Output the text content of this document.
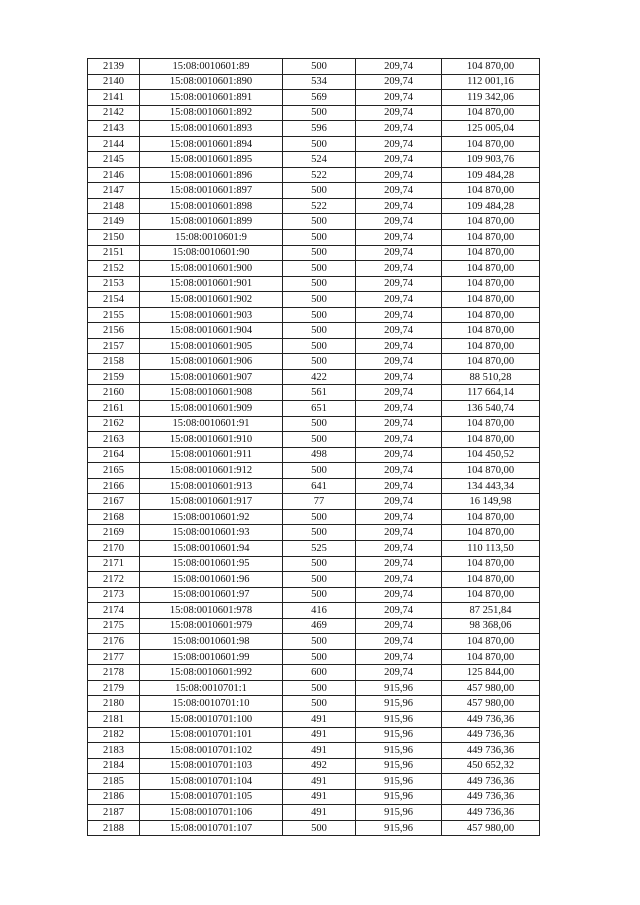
2139	15:08:0010601:89	500	209,74	104 870,00
2140	15:08:0010601:890	534	209,74	112 001,16
2141	15:08:0010601:891	569	209,74	119 342,06
2142	15:08:0010601:892	500	209,74	104 870,00
2143	15:08:0010601:893	596	209,74	125 005,04
2144	15:08:0010601:894	500	209,74	104 870,00
2145	15:08:0010601:895	524	209,74	109 903,76
2146	15:08:0010601:896	522	209,74	109 484,28
2147	15:08:0010601:897	500	209,74	104 870,00
2148	15:08:0010601:898	522	209,74	109 484,28
2149	15:08:0010601:899	500	209,74	104 870,00
2150	15:08:0010601:9	500	209,74	104 870,00
2151	15:08:0010601:90	500	209,74	104 870,00
2152	15:08:0010601:900	500	209,74	104 870,00
2153	15:08:0010601:901	500	209,74	104 870,00
2154	15:08:0010601:902	500	209,74	104 870,00
2155	15:08:0010601:903	500	209,74	104 870,00
2156	15:08:0010601:904	500	209,74	104 870,00
2157	15:08:0010601:905	500	209,74	104 870,00
2158	15:08:0010601:906	500	209,74	104 870,00
2159	15:08:0010601:907	422	209,74	88 510,28
2160	15:08:0010601:908	561	209,74	117 664,14
2161	15:08:0010601:909	651	209,74	136 540,74
2162	15:08:0010601:91	500	209,74	104 870,00
2163	15:08:0010601:910	500	209,74	104 870,00
2164	15:08:0010601:911	498	209,74	104 450,52
2165	15:08:0010601:912	500	209,74	104 870,00
2166	15:08:0010601:913	641	209,74	134 443,34
2167	15:08:0010601:917	77	209,74	16 149,98
2168	15:08:0010601:92	500	209,74	104 870,00
2169	15:08:0010601:93	500	209,74	104 870,00
2170	15:08:0010601:94	525	209,74	110 113,50
2171	15:08:0010601:95	500	209,74	104 870,00
2172	15:08:0010601:96	500	209,74	104 870,00
2173	15:08:0010601:97	500	209,74	104 870,00
2174	15:08:0010601:978	416	209,74	87 251,84
2175	15:08:0010601:979	469	209,74	98 368,06
2176	15:08:0010601:98	500	209,74	104 870,00
2177	15:08:0010601:99	500	209,74	104 870,00
2178	15:08:0010601:992	600	209,74	125 844,00
2179	15:08:0010701:1	500	915,96	457 980,00
2180	15:08:0010701:10	500	915,96	457 980,00
2181	15:08:0010701:100	491	915,96	449 736,36
2182	15:08:0010701:101	491	915,96	449 736,36
2183	15:08:0010701:102	491	915,96	449 736,36
2184	15:08:0010701:103	492	915,96	450 652,32
2185	15:08:0010701:104	491	915,96	449 736,36
2186	15:08:0010701:105	491	915,96	449 736,36
2187	15:08:0010701:106	491	915,96	449 736,36
2188	15:08:0010701:107	500	915,96	457 980,00
